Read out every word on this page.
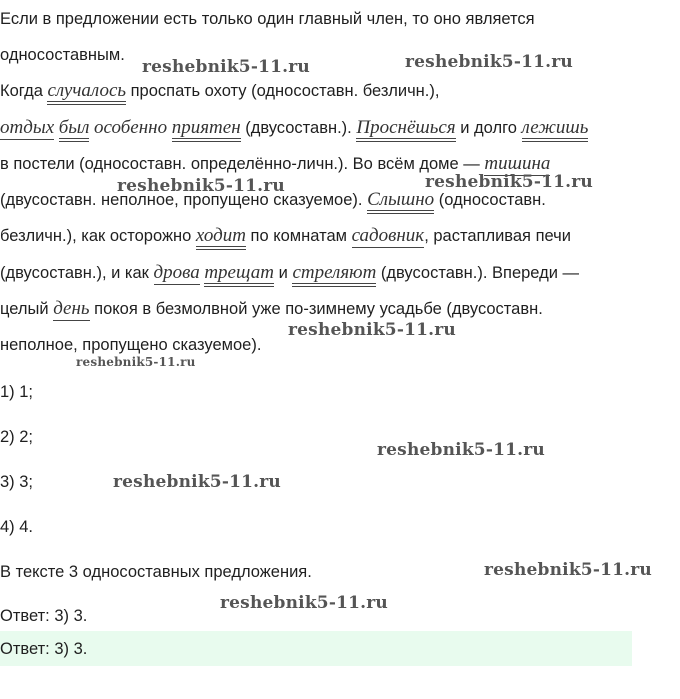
Если в предложении есть только один главный член, то оно является
односоставным.
Когда случалось проспать охоту (односоставн. безличн.),
отдых был особенно приятен (двусоставн.). Проснёшься и долго лежишь
в постели (односоставн. определённо-личн.). Во всём доме — тишина
(двусоставн. неполное, пропущено сказуемое). Слышно (односоставн.
безличн.), как осторожно ходит по комнатам садовник, растапливая печи
(двусоставн.), и как дрова трещат и стреляют (двусоставн.). Впереди —
целый день покоя в безмолвной уже по-зимнему усадьбе (двусоставн.
неполное, пропущено сказуемое).
1) 1;
2) 2;
3) 3;
4) 4.
В тексте 3 односоставных предложения.
Ответ: 3) 3.
Ответ: 3) 3.
reshebnik5-11.ru	reshebnik5-11.ru
reshebnik5-11.ru	reshebnik5-11.ru
reshebnik5-11.ru
reshebnik5-11.ru
reshebnik5-11.ru
reshebnik5-11.ru
reshebnik5-11.ru
reshebnik5-11.ru
